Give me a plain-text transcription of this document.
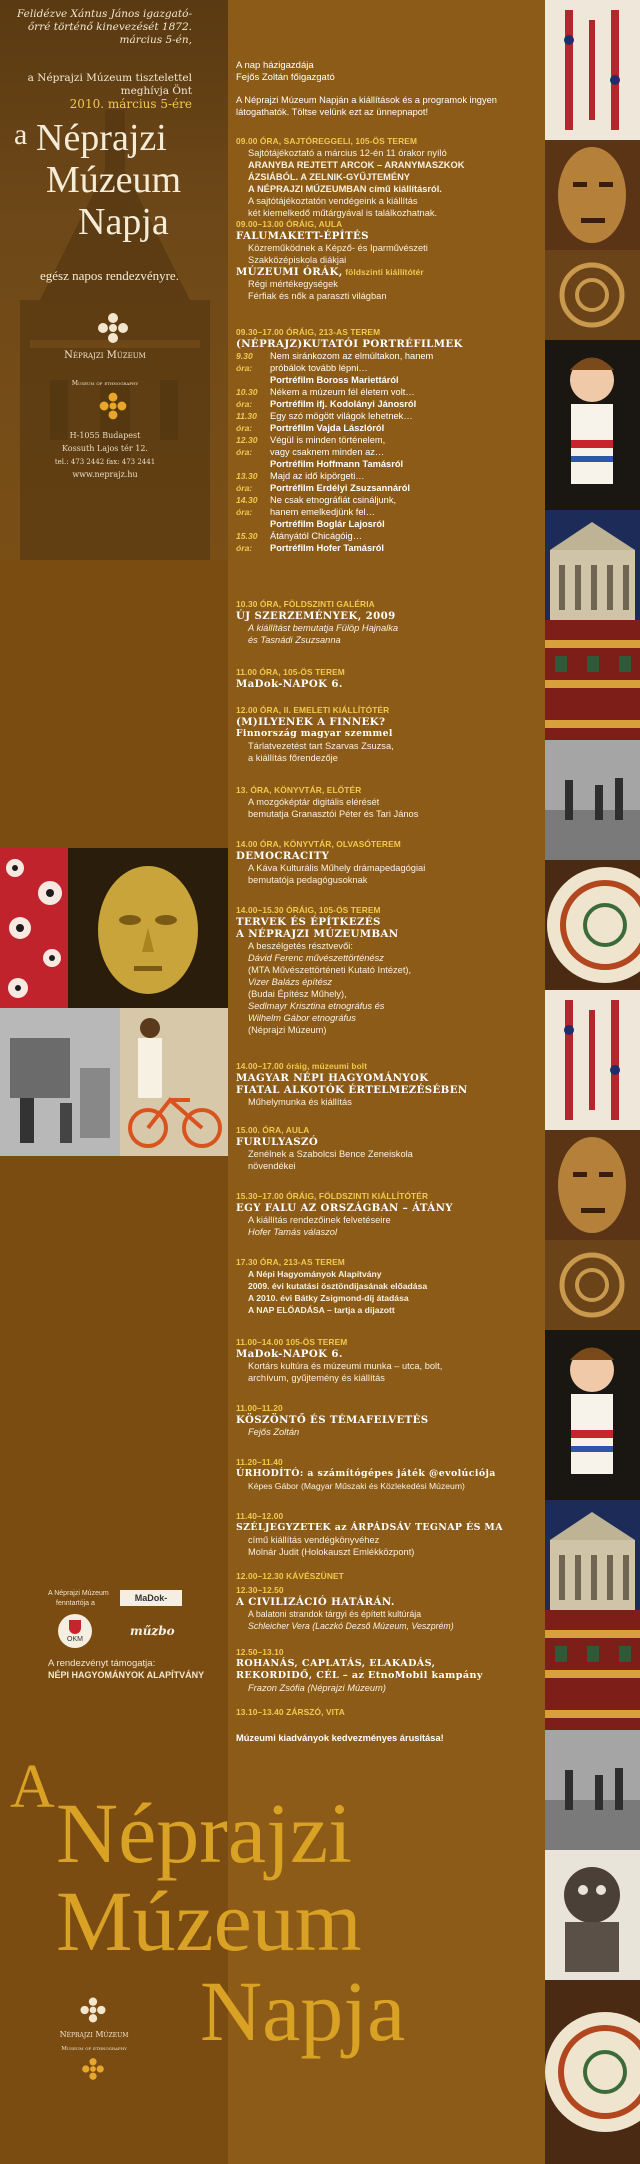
Felidézve Xántus János igazgató-őrré történő kinevezését 1872. március 5-én,
a Néprajzi Múzeum tisztelettel meghívja Önt
2010. március 5-ére
a Néprajzi
Múzeum
Napja
egész napos rendezvényre.
Néprajzi Múzeum
Museum of ethnography
H-1055 Budapest
Kossuth Lajos tér 12.
tel.: 473 2442 fax: 473 2441
www.neprajz.hu
A Néprajzi Múzeum
fenntartója a
OKM
MaDok-
műzbo
A rendezvényt támogatja:
NÉPI HAGYOMÁNYOK ALAPÍTVÁNY
A Néprajzi
Múzeum
Napja
Néprajzi Múzeum
Museum of ethnography
A nap házigazdája
Fejős Zoltán főigazgató
A Néprajzi Múzeum Napján a kiállítások és a programok ingyen látogathatók. Töltse velünk ezt az ünnepnapot!
09.00 ÓRA, SAJTÓREGGELI, 105-ÖS TEREM
Sajtótájékoztató a március 12-én 11 órakor nyíló
ARANYBA REJTETT ARCOK – ARANYMASZKOK
ÁZSIÁBÓL. A ZELNIK-GYŰJTEMÉNY
A NÉPRAJZI MÚZEUMBAN című kiállításról.
A sajtótájékoztatón vendégeink a kiállítás
két kiemelkedő műtárgyával is találkozhatnak.
09.00–13.00 ÓRÁIG, AULA
FALUMAKETT-ÉPÍTÉS
Közreműködnek a Képző- és Iparművészeti
Szakközépiskola diákjai
MÚZEUMI ÓRÁK, földszinti kiállítótér
Régi mértékegységek
Férfiak és nők a paraszti világban
09.30–17.00 ÓRÁIG, 213-AS TEREM
(NÉPRAJZ)KUTATÓI PORTRÉFILMEK
9.30 óra:
Nem siránkozom az elmúltakon, hanem
próbálok tovább lépni…
Portréfilm Boross Mariettáról
10.30 óra:
Nékem a múzeum fél életem volt…
Portréfilm ifj. Kodolányi Jánosról
11.30 óra:
Egy szó mögött világok lehetnek…
Portréfilm Vajda Lászlóról
12.30 óra:
Végül is minden történelem,
vagy csaknem minden az…
Portréfilm Hoffmann Tamásról
13.30 óra:
Majd az idő kipörgeti…
Portréfilm Erdélyi Zsuzsannáról
14.30 óra:
Ne csak etnográfiát csináljunk,
hanem emelkedjünk fel…
Portréfilm Boglár Lajosról
15.30 óra:
Átányától Chicágóig…
Portréfilm Hofer Tamásról
10.30 ÓRA, FÖLDSZINTI GALÉRIA
ÚJ SZERZEMÉNYEK, 2009
A kiállítást bemutatja Fülöp Hajnalka
és Tasnádi Zsuzsanna
11.00 ÓRA, 105-ÖS TEREM
MaDok-NAPOK 6.
12.00 ÓRA, II. EMELETI KIÁLLÍTÓTÉR
(M)ILYENEK A FINNEK?
Finnország magyar szemmel
Tárlatvezetést tart Szarvas Zsuzsa,
a kiállítás főrendezője
13. ÓRA, KÖNYVTÁR, ELŐTÉR
A mozgóképtár digitális elérését
bemutatja Granasztói Péter és Tari János
14.00 ÓRA, KÖNYVTÁR, OLVASÓTEREM
DEMOCRACITY
A Káva Kulturális Műhely drámapedagógiai
bemutatója pedagógusoknak
14.00–15.30 ÓRÁIG, 105-ÖS TEREM
TERVEK ÉS ÉPÍTKEZÉS
A NÉPRAJZI MÚZEUMBAN
A beszélgetés résztvevői:
Dávid Ferenc művészettörténész
(MTA Művészettörténeti Kutató Intézet),
Vizer Balázs építész
(Budai Építész Műhely),
Sedlmayr Krisztina etnográfus és
Wilhelm Gábor etnográfus
(Néprajzi Múzeum)
14.00–17.00 óráig, múzeumi bolt
MAGYAR NÉPI HAGYOMÁNYOK
FIATAL ALKOTÓK ÉRTELMEZÉSÉBEN
Műhelymunka és kiállítás
15.00. ÓRA, AULA
FURULYASZÓ
Zenélnek a Szabolcsi Bence Zeneiskola
növendékei
15.30–17.00 ÓRÁIG, FÖLDSZINTI KIÁLLÍTÓTÉR
EGY FALU AZ ORSZÁGBAN – ÁTÁNY
A kiállítás rendezőinek felvetéseire
Hofer Tamás válaszol
17.30 ÓRA, 213-AS TEREM
A Népi Hagyományok Alapítvány
2009. évi kutatási ösztöndíjasának előadása
A 2010. évi Bátky Zsigmond-díj átadása
A NAP ELŐADÁSA – tartja a díjazott
11.00–14.00 105-ÖS TEREM
MaDok-NAPOK 6.
Kortárs kultúra és múzeumi munka – utca, bolt,
archívum, gyűjtemény és kiállítás
11.00–11.20
KÖSZÖNTŐ ÉS TÉMAFELVETÉS
Fejős Zoltán
11.20–11.40
ÚRHODÍTÓ: a számítógépes játék @evolúciója
Képes Gábor (Magyar Műszaki és Közlekedési Múzeum)
11.40–12.00
SZÉLJEGYZETEK az ÁRPÁDSÁV TEGNAP ÉS MA
című kiállítás vendégkönyvéhez
Molnár Judit (Holokauszt Emlékközpont)
12.00–12.30 KÁVÉSZÜNET
12.30–12.50
A CIVILIZÁCIÓ HATÁRÁN.
A balatoni strandok tárgyi és épített kultúrája
Schleicher Vera (Laczkó Dezső Múzeum, Veszprém)
12.50–13.10
ROHANÁS, CAPLATÁS, ELAKADÁS,
REKORDIDŐ, CÉL – az EtnoMobil kampány
Frazon Zsófia (Néprajzi Múzeum)
13.10–13.40 ZÁRSZÓ, VITA
Múzeumi kiadványok kedvezményes árusítása!
